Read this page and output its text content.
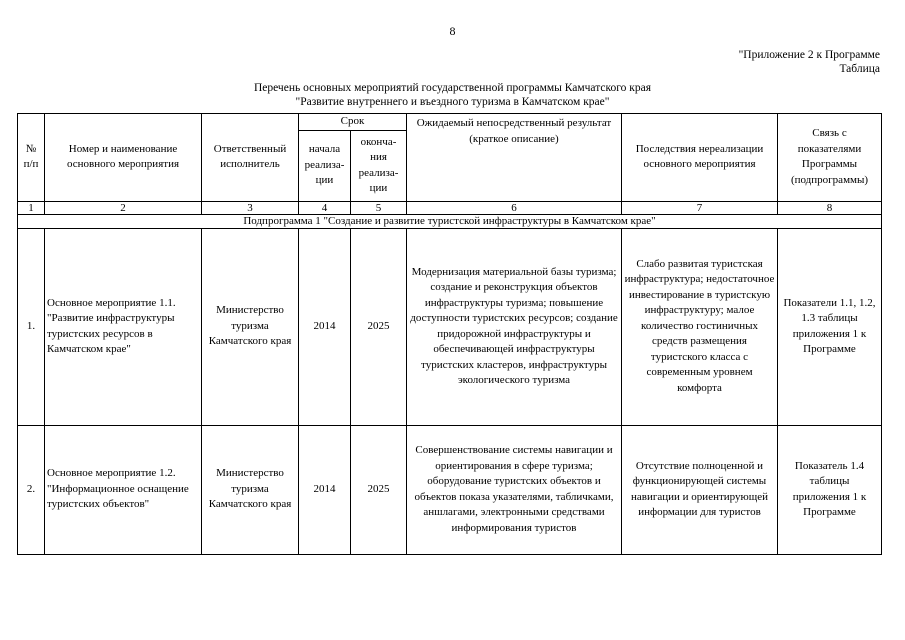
8
"Приложение 2 к Программе
Таблица
Перечень основных мероприятий государственной программы Камчатского края
"Развитие внутреннего и въездного туризма в Камчатском крае"
№ п/п	Номер и наименование основного мероприятия	Ответственный исполнитель	Срок		Ожидаемый непосредственный результат (краткое описание)	Последствия нереализации основного мероприятия	Связь с показателями Программы (подпрограммы)
			начала реализа-ции	оконча-ния реализа-ции			
1	2	3	4	5	6	7	8
Подпрограмма 1 "Создание и развитие туристской инфраструктуры в Камчатском крае"							
1.	Основное мероприятие 1.1. "Развитие инфраструктуры туристских ресурсов в Камчатском крае"	Министерство туризма Камчатского края	2014	2025	Модернизация материальной базы туризма; создание и реконструкция объектов инфраструктуры туризма; повышение доступности туристских ресурсов; создание придорожной инфраструктуры и обеспечивающей инфраструктуры туристских кластеров, инфраструктуры экологического туризма	Слабо развитая туристская инфраструктура; недостаточное инвестирование в туристскую инфраструктуру; малое количество гостиничных средств размещения туристского класса с современным уровнем комфорта	Показатели 1.1, 1.2, 1.3 таблицы приложения 1 к Программе
2.	Основное мероприятие 1.2. "Информационное оснащение туристских объектов"	Министерство туризма Камчатского края	2014	2025	Совершенствование системы навигации и ориентирования в сфере туризма; оборудование туристских объектов и объектов показа указателями, табличками, аншлагами, электронными средствами информирования туристов	Отсутствие полноценной и функционирующей системы навигации и ориентирующей информации для туристов	Показатель 1.4 таблицы приложения 1 к Программе
